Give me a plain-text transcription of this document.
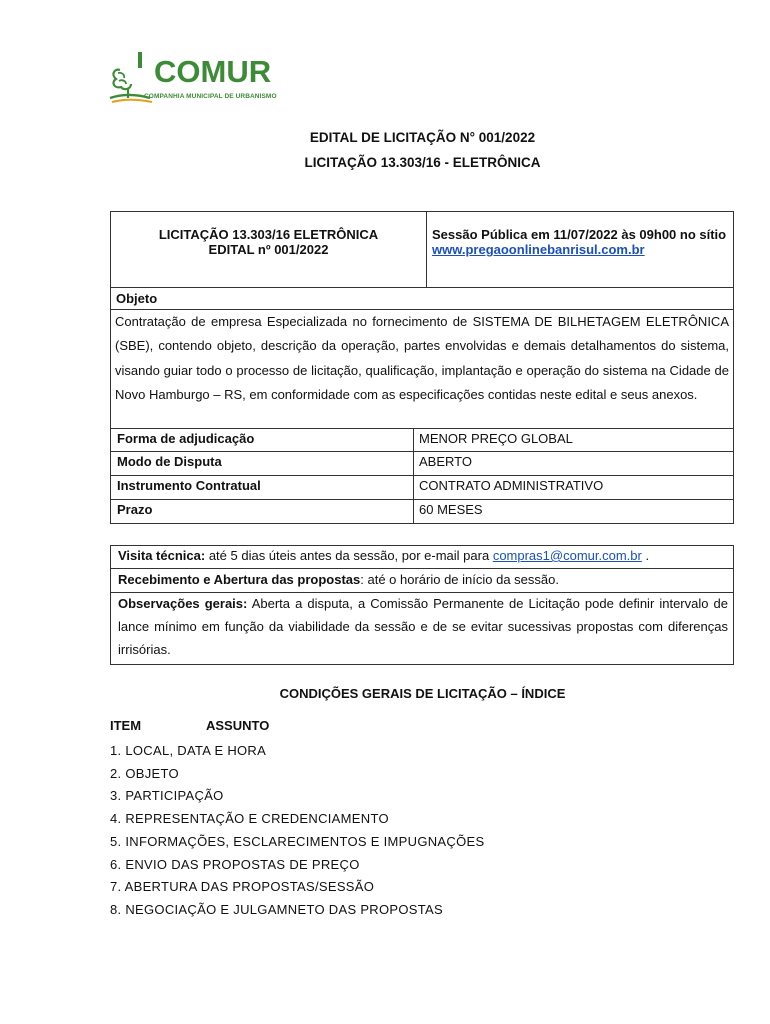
COMUR
COMPANHIA MUNICIPAL DE URBANISMO
EDITAL DE LICITAÇÃO N° 001/2022
LICITAÇÃO 13.303/16 - ELETRÔNICA
LICITAÇÃO 13.303/16 ELETRÔNICA
EDITAL nº 001/2022
Sessão Pública em 11/07/2022 às 09h00 no sítio
www.pregaoonlinebanrisul.com.br
Objeto
Contratação de empresa Especializada no fornecimento de SISTEMA DE BILHETAGEM ELETRÔNICA (SBE), contendo objeto, descrição da operação, partes envolvidas e demais detalhamentos do sistema, visando guiar todo o processo de licitação, qualificação, implantação e operação do sistema na Cidade de Novo Hamburgo – RS, em conformidade com as especificações contidas neste edital e seus anexos.
Forma de adjudicação	MENOR PREÇO GLOBAL
Modo de Disputa	ABERTO
Instrumento Contratual	CONTRATO ADMINISTRATIVO
Prazo	60 MESES
Visita técnica: até 5 dias úteis antes da sessão, por e-mail para compras1@comur.com.br .
Recebimento e Abertura das propostas: até o horário de início da sessão.
Observações gerais: Aberta a disputa, a Comissão Permanente de Licitação pode definir intervalo de lance mínimo em função da viabilidade da sessão e de se evitar sucessivas propostas com diferenças irrisórias.
CONDIÇÕES GERAIS DE LICITAÇÃO – ÍNDICE
ITEM	ASSUNTO
1. LOCAL, DATA E HORA
2. OBJETO
3. PARTICIPAÇÃO
4. REPRESENTAÇÃO E CREDENCIAMENTO
5. INFORMAÇÕES, ESCLARECIMENTOS E IMPUGNAÇÕES
6. ENVIO DAS PROPOSTAS DE PREÇO
7. ABERTURA DAS PROPOSTAS/SESSÃO
8. NEGOCIAÇÃO E JULGAMNETO DAS PROPOSTAS
